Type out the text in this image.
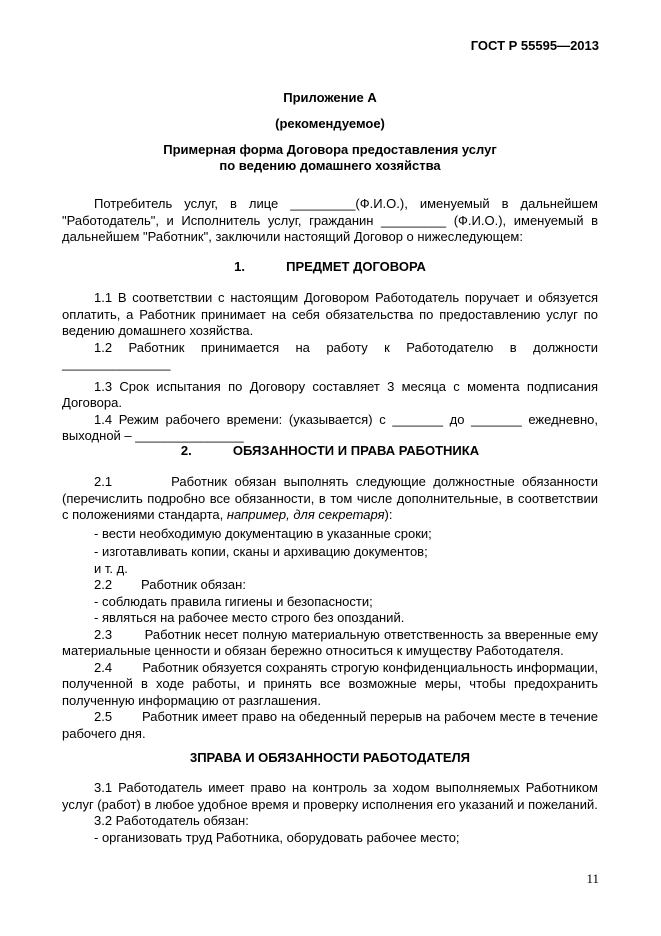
ГОСТ Р 55595—2013
Приложение А
(рекомендуемое)
Примерная форма Договора предоставления услуг
по ведению домашнего хозяйства

Потребитель услуг, в лице _________(Ф.И.О.), именуемый в дальнейшем "Работодатель", и Исполнитель услуг, гражданин _________ (Ф.И.О.), именуемый в дальнейшем "Работник", заключили настоящий Договор о нижеследующем:

1.	ПРЕДМЕТ ДОГОВОРА

1.1 В соответствии с настоящим Договором Работодатель поручает и обязуется оплатить, а Работник принимает на себя обязательства по предоставлению услуг по ведению домашнего хозяйства.

1.2 Работник принимается на работу к Работодателю в должности _______________

1.3 Срок испытания по Договору составляет 3 месяца с момента подписания Договора.

1.4 Режим рабочего времени: (указывается) с _______ до _______ ежедневно, выходной – _______________

2.	ОБЯЗАННОСТИ И ПРАВА РАБОТНИКА

2.1	Работник обязан выполнять следующие должностные обязанности (перечислить подробно все обязанности, в том числе дополнительные, в соответствии с положениями стандарта, например, для секретаря):

- вести необходимую документацию в указанные сроки;

- изготавливать копии, сканы и архивацию документов;

и т. д.

2.2 Работник обязан:

- соблюдать правила гигиены и безопасности;

- являться на рабочее место строго без опозданий.

2.3	Работник несет полную материальную ответственность за вверенные ему материальные ценности и обязан бережно относиться к имуществу Работодателя.

2.4 Работник обязуется сохранять строгую конфиденциальность информации, полученной в ходе работы, и принять все возможные меры, чтобы предохранить полученную информацию от разглашения.

2.5 Работник имеет право на обеденный перерыв на рабочем месте в течение рабочего дня.

3ПРАВА И ОБЯЗАННОСТИ РАБОТОДАТЕЛЯ

3.1 Работодатель имеет право на контроль за ходом выполняемых Работником услуг (работ) в любое удобное время и проверку исполнения его указаний и пожеланий.

3.2 Работодатель обязан:

- организовать труд Работника, оборудовать рабочее место;

11
